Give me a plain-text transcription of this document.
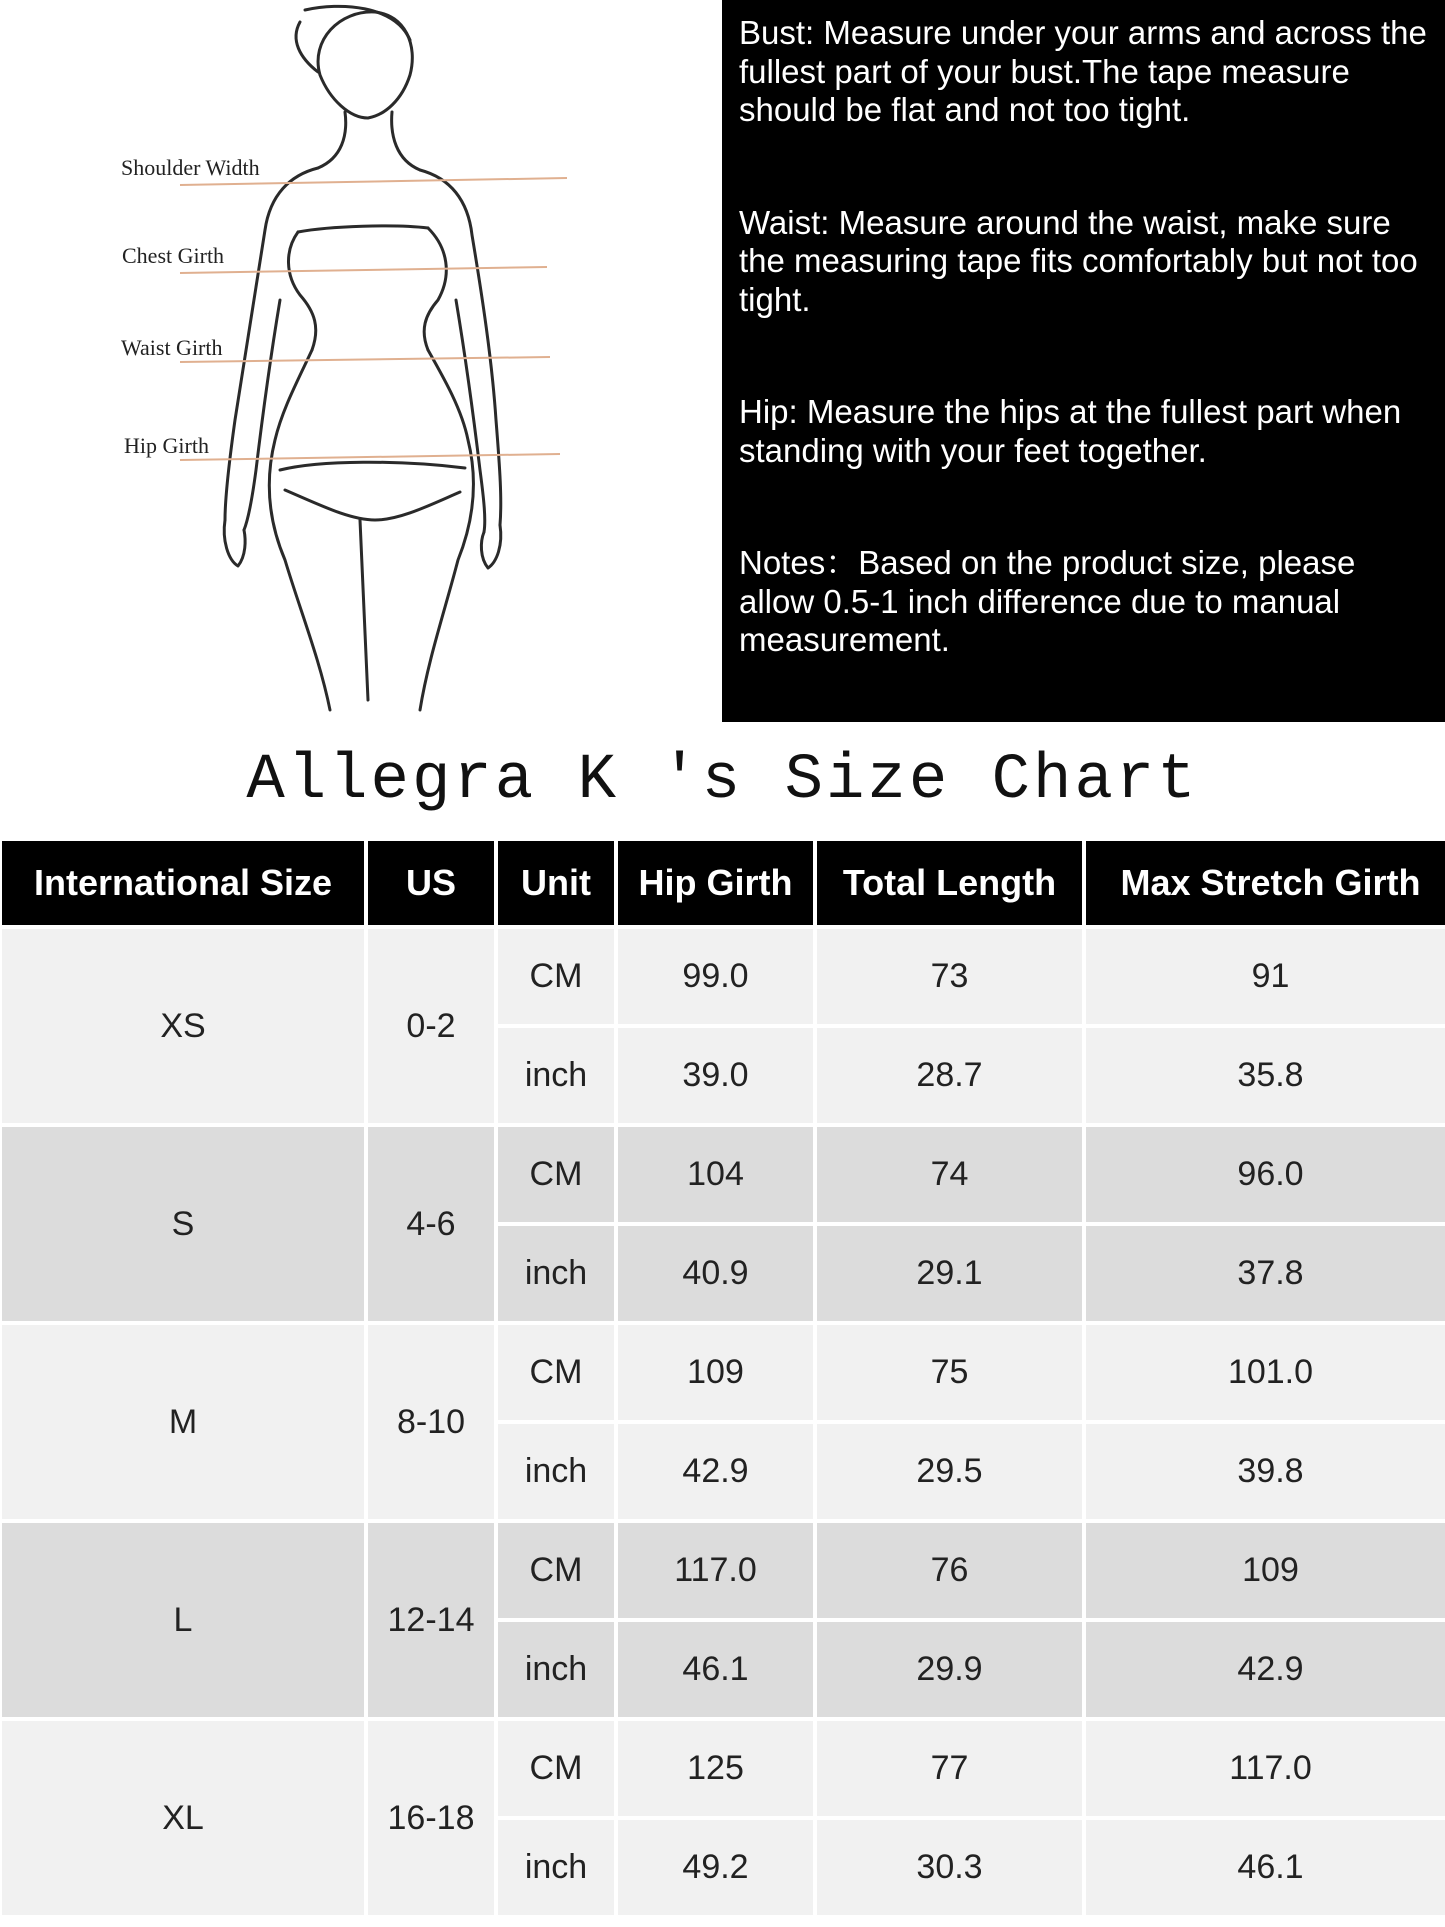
Shoulder Width
Chest Girth
Waist Girth
Hip Girth

Bust: Measure under your arms and across the fullest part of your bust.The tape measure should be flat and not too tight.

Waist: Measure around the waist, make sure the measuring tape fits comfortably but not too tight.

Hip: Measure the hips at the fullest part when standing with your feet together.

Notes：Based on the product size, please allow 0.5-1 inch difference due to manual measurement.

Allegra K 's Size Chart
International Size	US	Unit	Hip Girth	Total Length	Max Stretch Girth
XS	0-2	CM	99.0	73	91
		inch	39.0	28.7	35.8
S	4-6	CM	104	74	96.0
		inch	40.9	29.1	37.8
M	8-10	CM	109	75	101.0
		inch	42.9	29.5	39.8
L	12-14	CM	117.0	76	109
		inch	46.1	29.9	42.9
XL	16-18	CM	125	77	117.0
		inch	49.2	30.3	46.1
